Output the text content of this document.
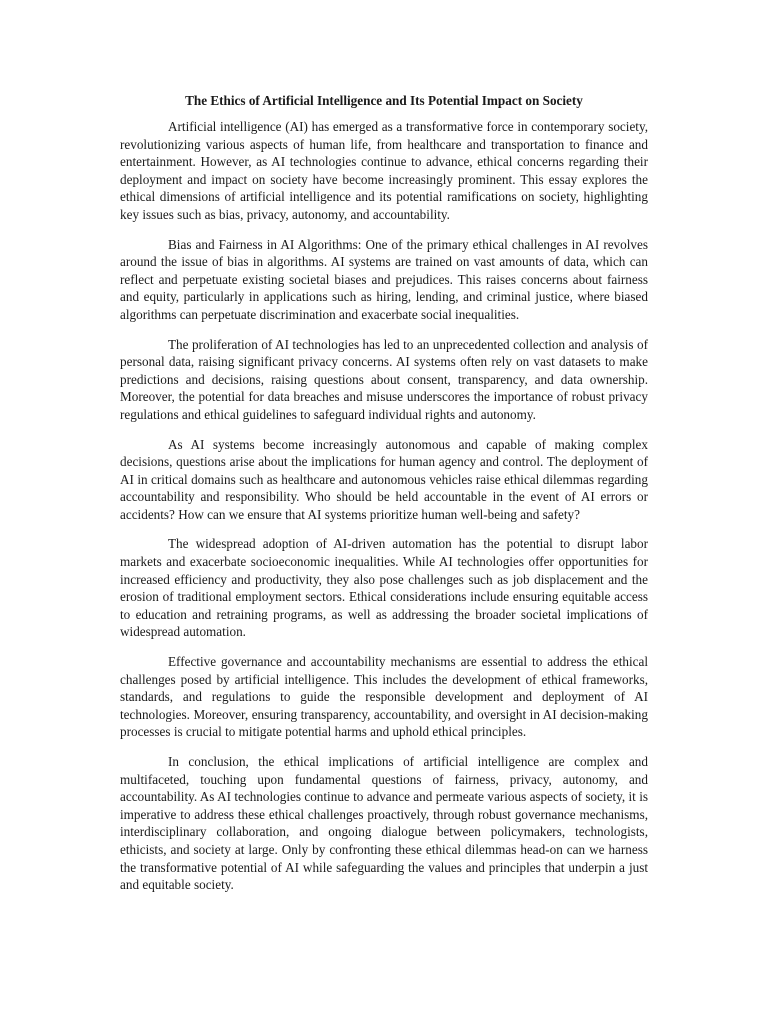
The Ethics of Artificial Intelligence and Its Potential Impact on Society

Artificial intelligence (AI) has emerged as a transformative force in contemporary society, revolutionizing various aspects of human life, from healthcare and transportation to finance and entertainment. However, as AI technologies continue to advance, ethical concerns regarding their deployment and impact on society have become increasingly prominent. This essay explores the ethical dimensions of artificial intelligence and its potential ramifications on society, highlighting key issues such as bias, privacy, autonomy, and accountability.

Bias and Fairness in AI Algorithms: One of the primary ethical challenges in AI revolves around the issue of bias in algorithms. AI systems are trained on vast amounts of data, which can reflect and perpetuate existing societal biases and prejudices. This raises concerns about fairness and equity, particularly in applications such as hiring, lending, and criminal justice, where biased algorithms can perpetuate discrimination and exacerbate social inequalities.

The proliferation of AI technologies has led to an unprecedented collection and analysis of personal data, raising significant privacy concerns. AI systems often rely on vast datasets to make predictions and decisions, raising questions about consent, transparency, and data ownership. Moreover, the potential for data breaches and misuse underscores the importance of robust privacy regulations and ethical guidelines to safeguard individual rights and autonomy.

As AI systems become increasingly autonomous and capable of making complex decisions, questions arise about the implications for human agency and control. The deployment of AI in critical domains such as healthcare and autonomous vehicles raise ethical dilemmas regarding accountability and responsibility. Who should be held accountable in the event of AI errors or accidents? How can we ensure that AI systems prioritize human well-being and safety?

The widespread adoption of AI-driven automation has the potential to disrupt labor markets and exacerbate socioeconomic inequalities. While AI technologies offer opportunities for increased efficiency and productivity, they also pose challenges such as job displacement and the erosion of traditional employment sectors. Ethical considerations include ensuring equitable access to education and retraining programs, as well as addressing the broader societal implications of widespread automation.

Effective governance and accountability mechanisms are essential to address the ethical challenges posed by artificial intelligence. This includes the development of ethical frameworks, standards, and regulations to guide the responsible development and deployment of AI technologies. Moreover, ensuring transparency, accountability, and oversight in AI decision-making processes is crucial to mitigate potential harms and uphold ethical principles.

In conclusion, the ethical implications of artificial intelligence are complex and multifaceted, touching upon fundamental questions of fairness, privacy, autonomy, and accountability. As AI technologies continue to advance and permeate various aspects of society, it is imperative to address these ethical challenges proactively, through robust governance mechanisms, interdisciplinary collaboration, and ongoing dialogue between policymakers, technologists, ethicists, and society at large. Only by confronting these ethical dilemmas head-on can we harness the transformative potential of AI while safeguarding the values and principles that underpin a just and equitable society.
